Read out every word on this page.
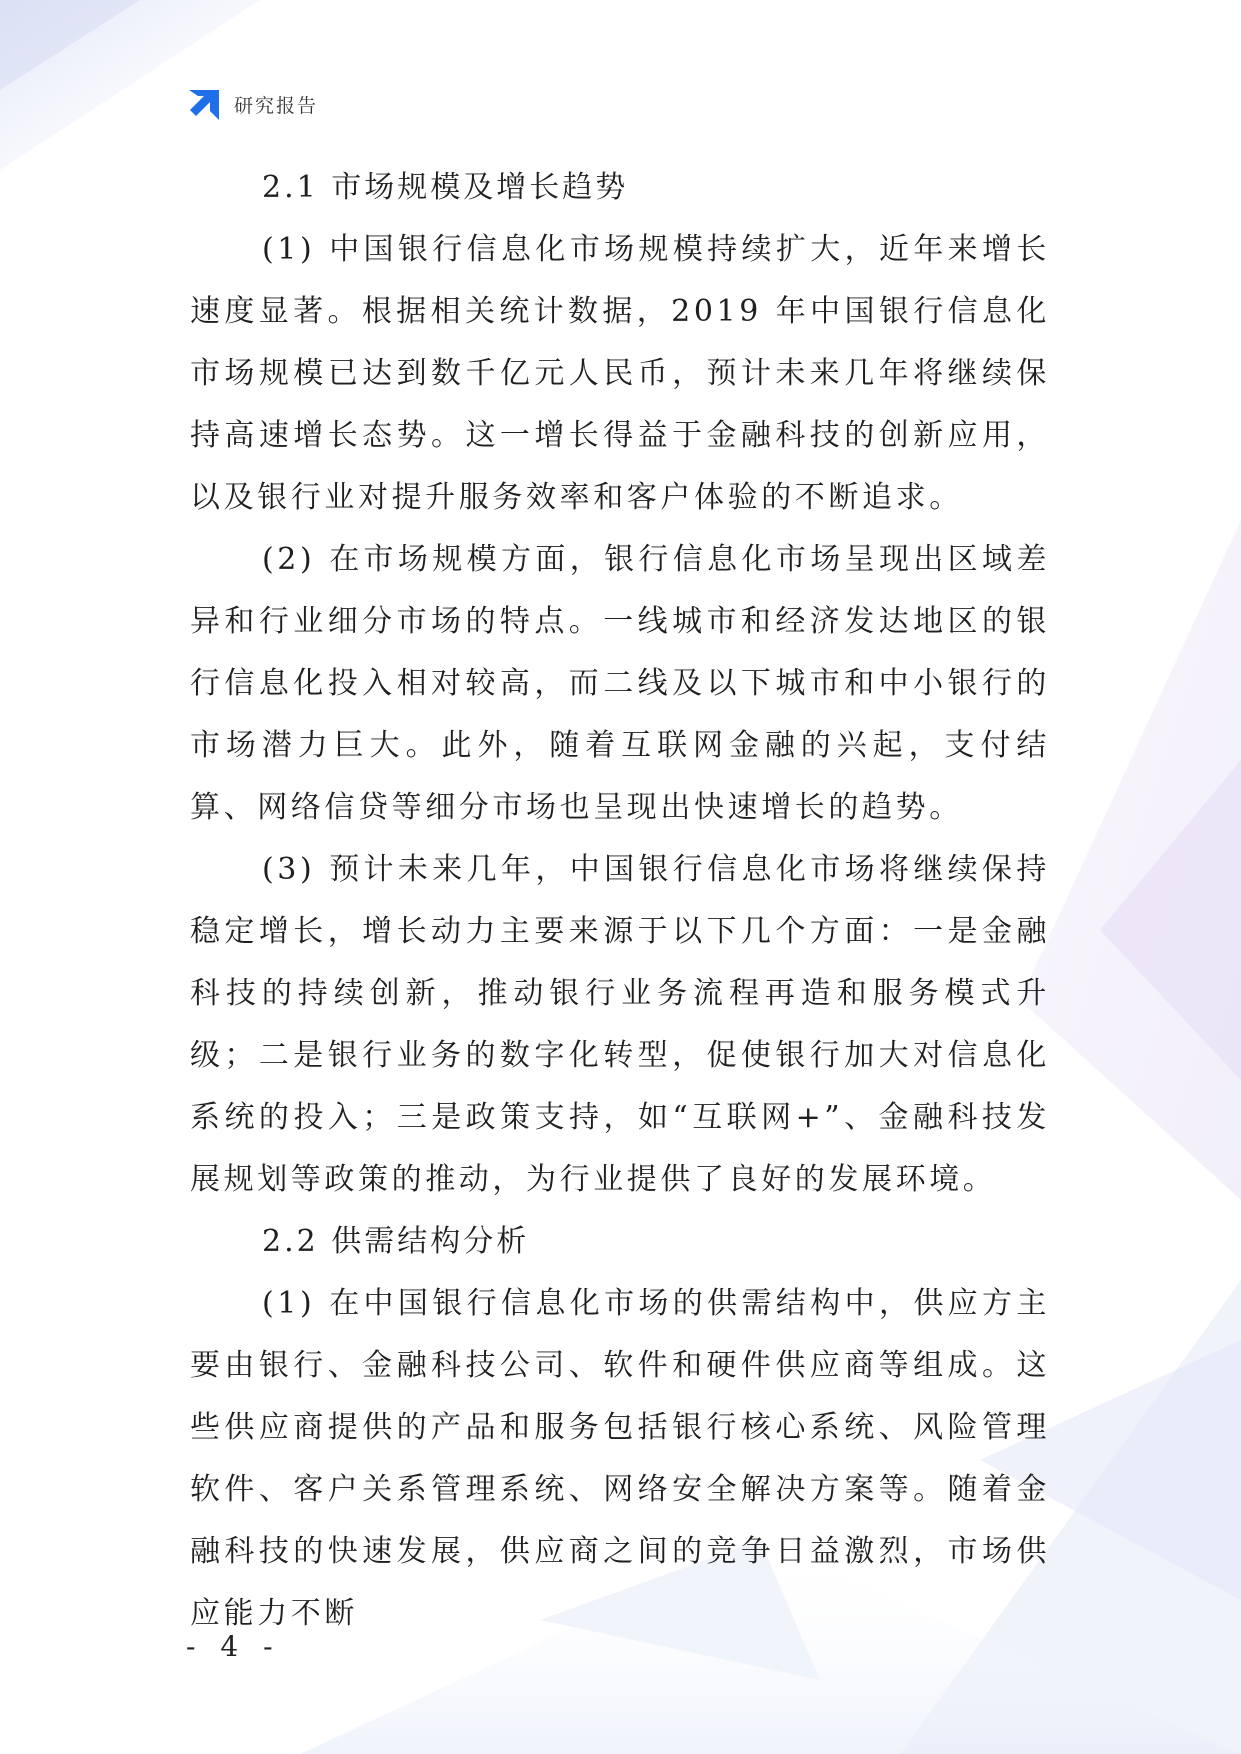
研究报告
2.1 市场规模及增长趋势

(1) 中国银行信息化市场规模持续扩大，近年来增长速度显著。根据相关统计数据，2019 年中国银行信息化市场规模已达到数千亿元人民币，预计未来几年将继续保持高速增长态势。这一增长得益于金融科技的创新应用，以及银行业对提升服务效率和客户体验的不断追求。

(2) 在市场规模方面，银行信息化市场呈现出区域差异和行业细分市场的特点。一线城市和经济发达地区的银行信息化投入相对较高，而二线及以下城市和中小银行的市场潜力巨大。此外，随着互联网金融的兴起，支付结算、网络信贷等细分市场也呈现出快速增长的趋势。

(3) 预计未来几年，中国银行信息化市场将继续保持稳定增长，增长动力主要来源于以下几个方面：一是金融科技的持续创新，推动银行业务流程再造和服务模式升级；二是银行业务的数字化转型，促使银行加大对信息化系统的投入；三是政策支持，如“互联网+”、金融科技发展规划等政策的推动，为行业提供了良好的发展环境。

2.2 供需结构分析

(1) 在中国银行信息化市场的供需结构中，供应方主要由银行、金融科技公司、软件和硬件供应商等组成。这些供应商提供的产品和服务包括银行核心系统、风险管理软件、客户关系管理系统、网络安全解决方案等。随着金融科技的快速发展，供应商之间的竞争日益激烈，市场供应能力不断

- 4 -
